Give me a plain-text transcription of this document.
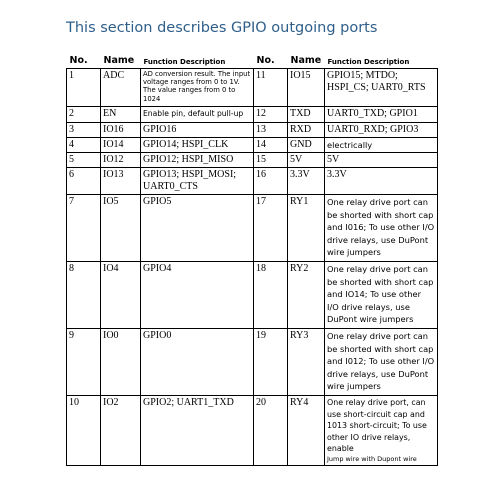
This section describes GPIO outgoing ports
No.	Name	Function Description	No.	Name	Function Description
1	ADC	AD conversion result. The input voltage ranges from 0 to 1V. The value ranges from 0 to 1024	11	IO15	GPIO15; MTDO; HSPI_CS; UART0_RTS
2	EN	Enable pin, default pull-up	12	TXD	UART0_TXD; GPIO1
3	IO16	GPIO16	13	RXD	UART0_RXD; GPIO3
4	IO14	GPIO14; HSPI_CLK	14	GND	electrically
5	IO12	GPIO12; HSPI_MISO	15	5V	5V
6	IO13	GPIO13; HSPI_MOSI; UART0_CTS	16	3.3V	3.3V
7	IO5	GPIO5	17	RY1	One relay drive port can be shorted with short cap and I016; To use other I/O drive relays, use DuPont wire jumpers
8	IO4	GPIO4	18	RY2	One relay drive port can be shorted with short cap and IO14; To use other I/O drive relays, use DuPont wire jumpers
9	IO0	GPIO0	19	RY3	One relay drive port can be shorted with short cap and I012; To use other I/O drive relays, use DuPont wire jumpers
10	IO2	GPIO2; UART1_TXD	20	RY4	One relay drive port, can use short-circuit cap and 1013 short-circuit; To use other IO drive relays, enable
Jump wire with Dupont wire
